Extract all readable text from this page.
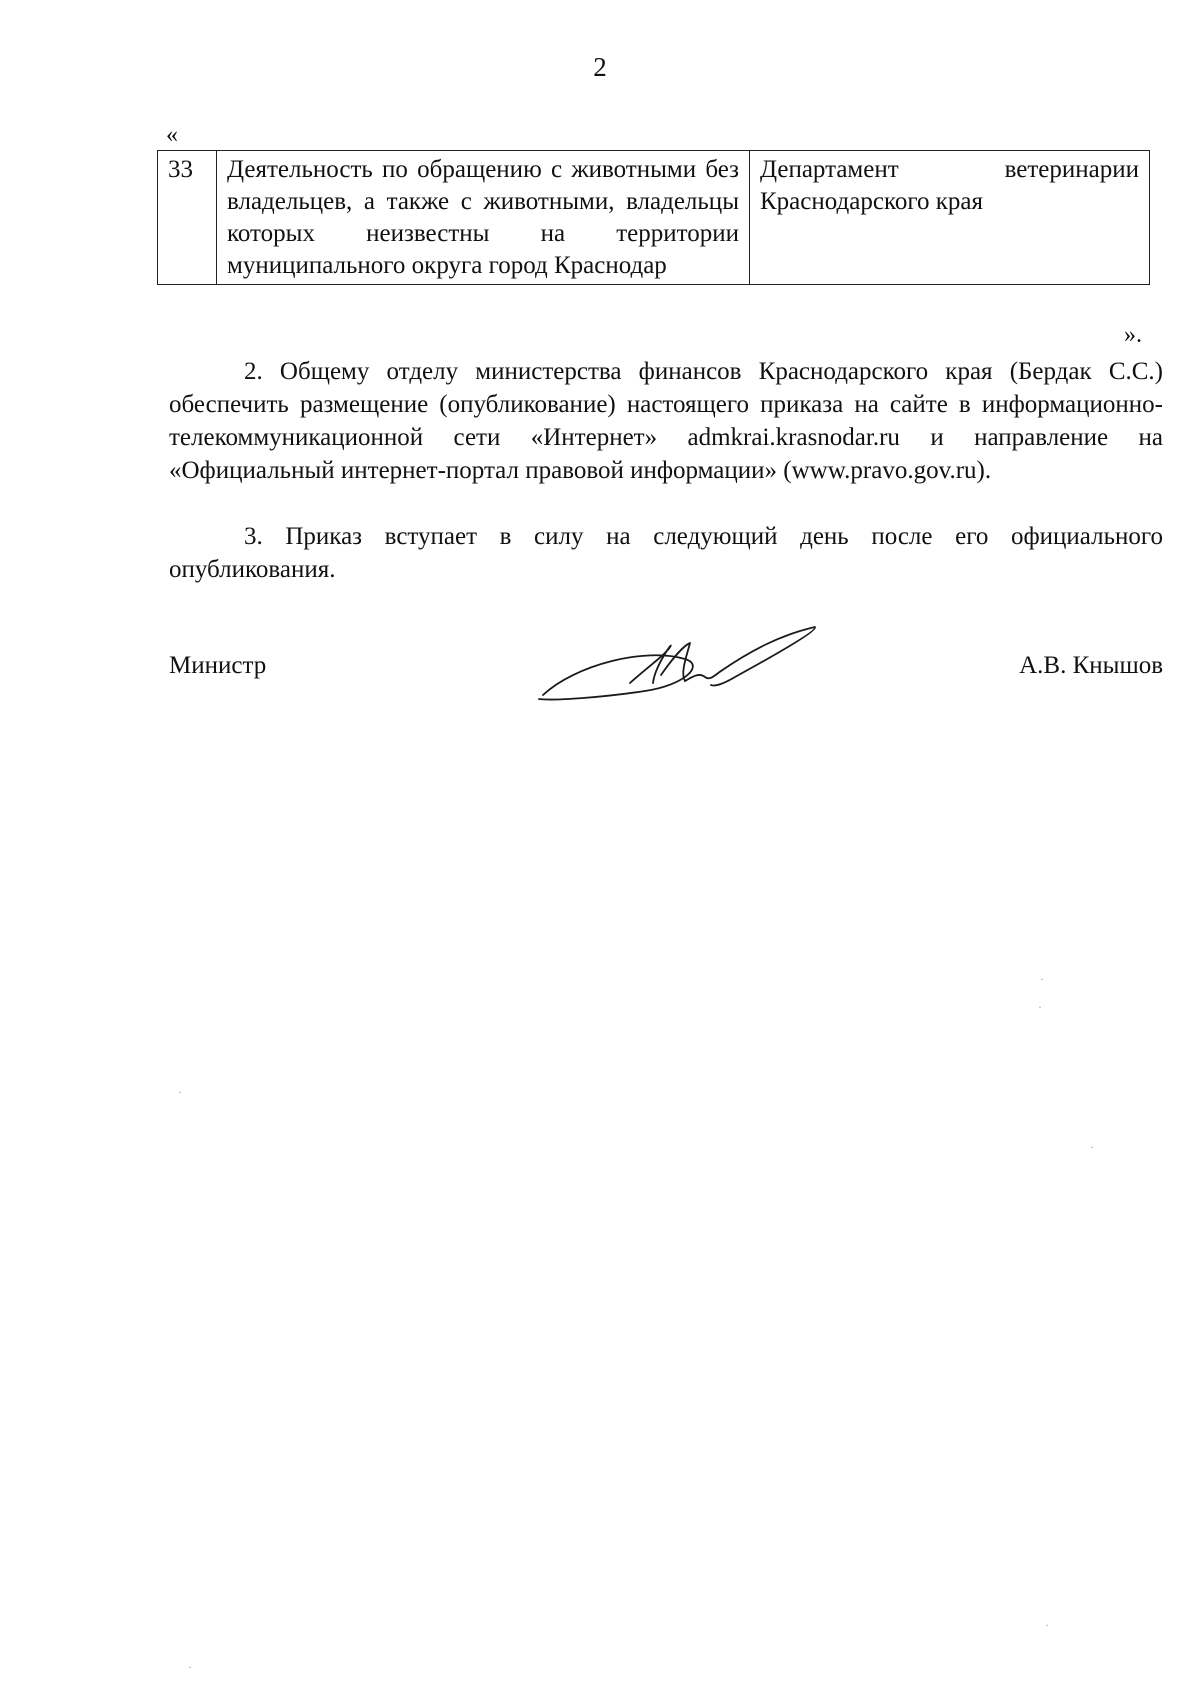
2
«
33	Деятельность по обращению с животными без владельцев, а также с животными, владельцы которых неизвестны на территории муниципального округа город Краснодар	Департамент ветеринарии Краснодарского края
».

2. Общему отделу министерства финансов Краснодарского края (Бердак С.С.) обеспечить размещение (опубликование) настоящего приказа на сайте в информационно-телекоммуникационной сети «Интернет» admkrai.krasnodar.ru и направление на «Официальный интернет-портал правовой информации» (www.pravo.gov.ru).

3. Приказ вступает в силу на следующий день после его официального опубликования.

Министр	А.В. Кнышов
·
·
·
·
·
·
